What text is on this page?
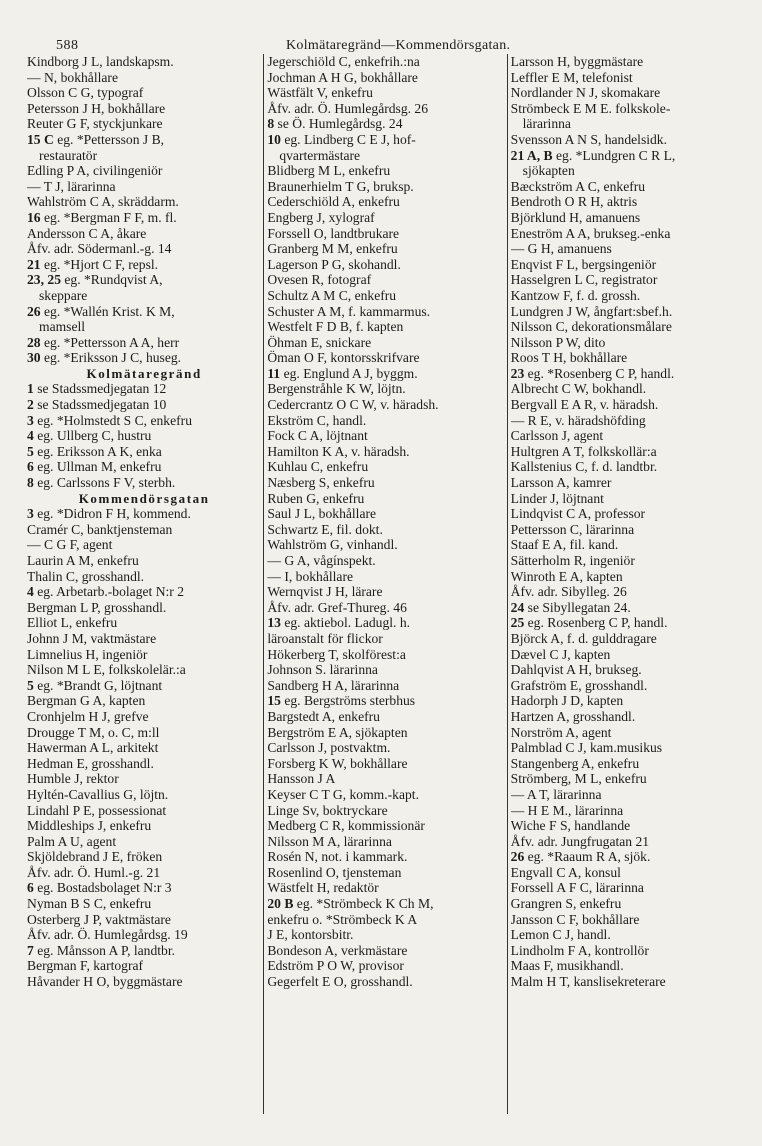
588	Kolmätaregränd—Kommendörsgatan.
Kindborg J L, landskapsm.
— N, bokhållare
Olsson C G, typograf
Petersson J H, bokhållare
Reuter G F, styckjunkare
15 C eg. *Pettersson J B,
restauratör
Edling P A, civilingeniör
— T J, lärarinna
Wahlström C A, skräddarm.
16 eg. *Bergman F F, m. fl.
Andersson C A, åkare
Åfv. adr. Södermanl.-g. 14
21 eg. *Hjort C F, repsl.
23, 25 eg. *Rundqvist A,
skeppare
26 eg. *Wallén Krist. K M,
mamsell
28 eg. *Pettersson A A, herr
30 eg. *Eriksson J C, huseg.
Kolmätaregränd
1 se Stadssmedjegatan 12
2 se Stadssmedjegatan 10
3 eg. *Holmstedt S C, enkefru
4 eg. Ullberg C, hustru
5 eg. Eriksson A K, enka
6 eg. Ullman M, enkefru
8 eg. Carlssons F V, sterbh.
Kommendörsgatan
3 eg. *Didron F H, kommend.
Cramér C, banktjensteman
— C G F, agent
Laurin A M, enkefru
Thalin C, grosshandl.
4 eg. Arbetarb.-bolaget N:r 2
Bergman L P, grosshandl.
Elliot L, enkefru
Johnn J M, vaktmästare
Limnelius H, ingeniör
Nilson M L E, folkskolelär.:a
5 eg. *Brandt G, löjtnant
Bergman G A, kapten
Cronhjelm H J, grefve
Drougge T M, o. C, m:ll
Hawerman A L, arkitekt
Hedman E, grosshandl.
Humble J, rektor
Hyltén-Cavallius G, löjtn.
Lindahl P E, possessionat
Middleships J, enkefru
Palm A U, agent
Skjöldebrand J E, fröken
Åfv. adr. Ö. Huml.-g. 21
6 eg. Bostadsbolaget N:r 3
Nyman B S C, enkefru
Osterberg J P, vaktmästare
Åfv. adr. Ö. Humlegårdsg. 19
7 eg. Månsson A P, landtbr.
Bergman F, kartograf
Håvander H O, byggmästare
Jegerschiöld C, enkefrih.:na
Jochman A H G, bokhållare
Wästfält V, enkefru
Åfv. adr. Ö. Humlegårdsg. 26
8 se Ö. Humlegårdsg. 24
10 eg. Lindberg C E J, hof-
qvartermästare
Blidberg M L, enkefru
Braunerhielm T G, bruksp.
Cederschiöld A, enkefru
Engberg J, xylograf
Forssell O, landtbrukare
Granberg M M, enkefru
Lagerson P G, skohandl.
Ovesen R, fotograf
Schultz A M C, enkefru
Schuster A M, f. kammarmus.
Westfelt F D B, f. kapten
Öhman E, snickare
Öman O F, kontorsskrifvare
11 eg. Englund A J, byggm.
Bergenstråhle K W, löjtn.
Cedercrantz O C W, v. häradsh.
Ekström C, handl.
Fock C A, löjtnant
Hamilton K A, v. häradsh.
Kuhlau C, enkefru
Næsberg S, enkefru
Ruben G, enkefru
Saul J L, bokhållare
Schwartz E, fil. dokt.
Wahlström G, vinhandl.
— G A, vågínspekt.
— I, bokhållare
Wernqvist J H, lärare
Åfv. adr. Gref-Thureg. 46
13 eg. aktiebol. Ladugl. h.
läroanstalt för flickor
Hökerberg T, skolförest:a
Johnson S. lärarinna
Sandberg H A, lärarinna
15 eg. Bergströms sterbhus
Bargstedt A, enkefru
Bergström E A, sjökapten
Carlsson J, postvaktm.
Forsberg K W, bokhållare
Hansson J A
Keyser C T G, komm.-kapt.
Linge Sv, boktryckare
Medberg C R, kommissionär
Nilsson M A, lärarinna
Rosén N, not. i kammark.
Rosenlind O, tjensteman
Wästfelt H, redaktör
20 B eg. *Strömbeck K Ch M,
enkefru o. *Strömbeck K A
J E, kontorsbitr.
Bondeson A, verkmästare
Edström P O W, provisor
Gegerfelt E O, grosshandl.
Larsson H, byggmästare
Leffler E M, telefonist
Nordlander N J, skomakare
Strömbeck E M E. folkskole-
lärarinna
Svensson A N S, handelsidk.
21 A, B eg. *Lundgren C R L,
sjökapten
Bæckström A C, enkefru
Bendroth O R H, aktris
Björklund H, amanuens
Eneström A A, brukseg.-enka
— G H, amanuens
Enqvist F L, bergsingeniör
Hasselgren L C, registrator
Kantzow F, f. d. grossh.
Lundgren J W, ångfart:sbef.h.
Nilsson C, dekorationsmålare
Nilsson P W, dito
Roos T H, bokhållare
23 eg. *Rosenberg C P, handl.
Albrecht C W, bokhandl.
Bergvall E A R, v. häradsh.
— R E, v. häradshöfding
Carlsson J, agent
Hultgren A T, folkskollär:a
Kallstenius C, f. d. landtbr.
Larsson A, kamrer
Linder J, löjtnant
Lindqvist C A, professor
Pettersson C, lärarinna
Staaf E A, fil. kand.
Sätterholm R, ingeniör
Winroth E A, kapten
Åfv. adr. Sibylleg. 26
24 se Sibyllegatan 24.
25 eg. Rosenberg C P, handl.
Björck A, f. d. gulddragare
Dævel C J, kapten
Dahlqvist A H, brukseg.
Grafström E, grosshandl.
Hadorph J D, kapten
Hartzen A, grosshandl.
Norström A, agent
Palmblad C J, kam.musikus
Stangenberg A, enkefru
Strömberg, M L, enkefru
— A T, lärarinna
— H E M., lärarinna
Wiche F S, handlande
Åfv. adr. Jungfrugatan 21
26 eg. *Raaum R A, sjök.
Engvall C A, konsul
Forssell A F C, lärarinna
Grangren S, enkefru
Jansson C F, bokhållare
Lemon C J, handl.
Lindholm F A, kontrollör
Maas F, musikhandl.
Malm H T, kanslisekreterare
